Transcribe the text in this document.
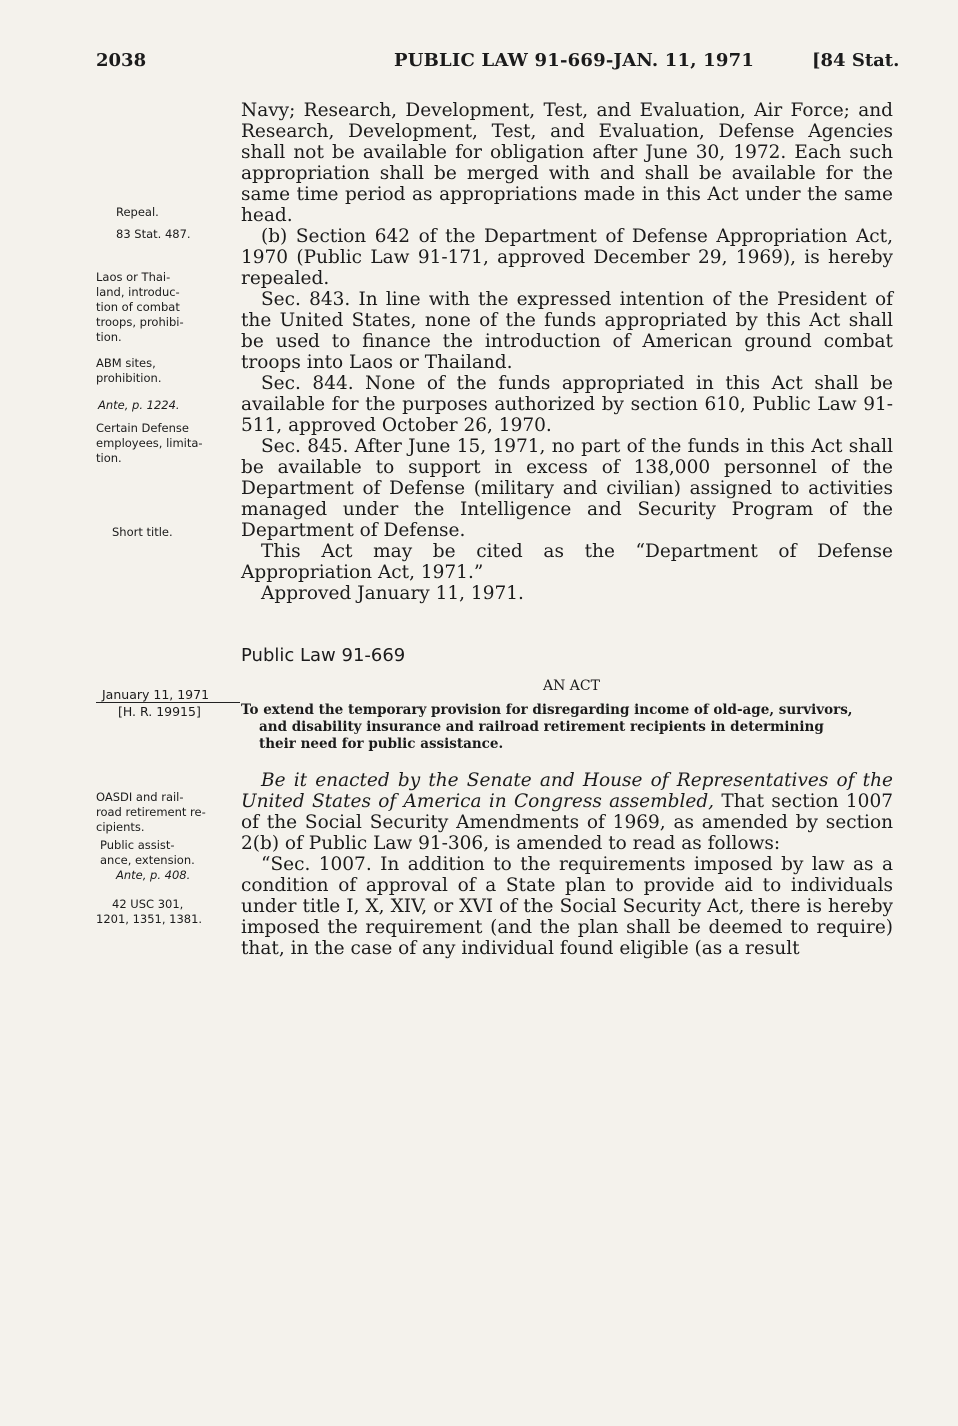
2038	PUBLIC LAW 91-669-JAN. 11, 1971	[84 Stat.
Repeal.
83 Stat. 487.
Laos or Thai-
land, introduc-
tion of combat
troops, prohibi-
tion.
ABM sites,
prohibition.
Ante, p. 1224.
Certain Defense
employees, limita-
tion.
Short title.
January 11, 1971
[H. R. 19915]
OASDI and rail-
road retirement re-
cipients.
Public assist-
ance, extension.
Ante, p. 408.
42 USC 301,
1201, 1351, 1381.

Navy; Research, Development, Test, and Evaluation, Air Force; and Research, Development, Test, and Evaluation, Defense Agencies shall not be available for obligation after June 30, 1972. Each such appropriation shall be merged with and shall be available for the same time period as appropriations made in this Act under the same head.

(b) Section 642 of the Department of Defense Appropriation Act, 1970 (Public Law 91-171, approved December 29, 1969), is hereby repealed.

Sec. 843. In line with the expressed intention of the President of the United States, none of the funds appropriated by this Act shall be used to finance the introduction of American ground combat troops into Laos or Thailand.

Sec. 844. None of the funds appropriated in this Act shall be available for the purposes authorized by section 610, Public Law 91-511, approved October 26, 1970.

Sec. 845. After June 15, 1971, no part of the funds in this Act shall be available to support in excess of 138,000 personnel of the Department of Defense (military and civilian) assigned to activities managed under the Intelligence and Security Program of the Department of Defense.

This Act may be cited as the “Department of Defense Appropriation Act, 1971.”

Approved January 11, 1971.

Public Law 91-669
AN ACT
To extend the temporary provision for disregarding income of old-age, survivors,
and disability insurance and railroad retirement recipients in determining
their need for public assistance.

Be it enacted by the Senate and House of Representatives of the United States of America in Congress assembled, That section 1007 of the Social Security Amendments of 1969, as amended by section 2(b) of Public Law 91-306, is amended to read as follows:

“Sec. 1007. In addition to the requirements imposed by law as a condition of approval of a State plan to provide aid to individuals under title I, X, XIV, or XVI of the Social Security Act, there is hereby imposed the requirement (and the plan shall be deemed to require) that, in the case of any individual found eligible (as a result
